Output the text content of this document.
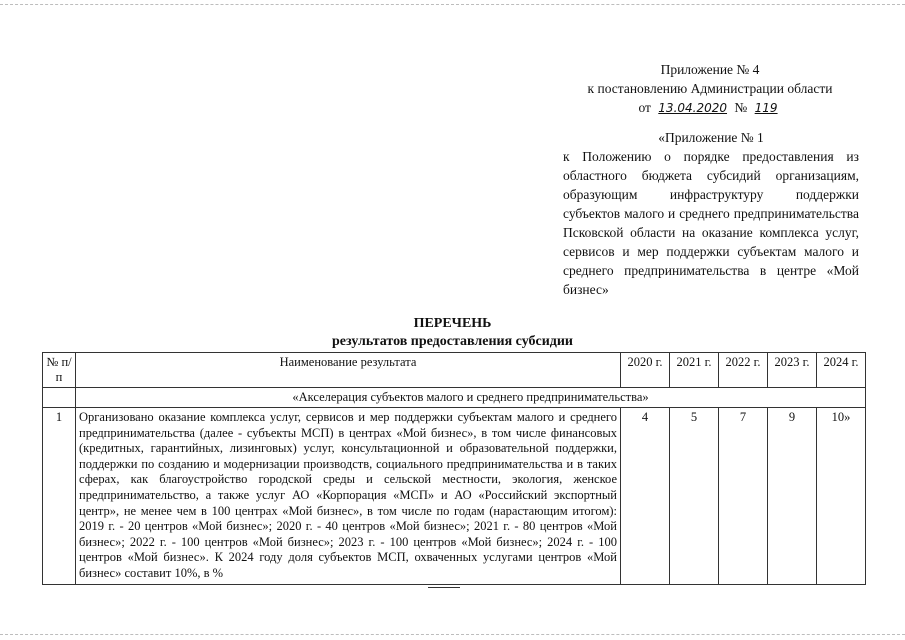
Приложение № 4
к постановлению Администрации области
от 13.04.2020 № 119
«Приложение № 1
к Положению о порядке предоставления из областного бюджета субсидий организациям, образующим инфраструктуру поддержки субъектов малого и среднего предпринимательства Псковской области на оказание комплекса услуг, сервисов и мер поддержки субъектам малого и среднего предпринимательства в центре «Мой бизнес»
ПЕРЕЧЕНЬ
результатов предоставления субсидии
№ п/п	Наименование результата	2020 г.	2021 г.	2022 г.	2023 г.	2024 г.
	«Акселерация субъектов малого и среднего предпринимательства»					
1	Организовано оказание комплекса услуг, сервисов и мер поддержки субъектам малого и среднего предпринимательства (далее - субъекты МСП) в центрах «Мой бизнес», в том числе финансовых (кредитных, гарантийных, лизинговых) услуг, консультационной и образовательной поддержки, поддержки по созданию и модернизации производств, социального предпринимательства и в таких сферах, как благоустройство городской среды и сельской местности, экология, женское предпринимательство, а также услуг АО «Корпорация «МСП» и АО «Российский экспортный центр», не менее чем в 100 центрах «Мой бизнес», в том числе по годам (нарастающим итогом): 2019 г. - 20 центров «Мой бизнес»; 2020 г. - 40 центров «Мой бизнес»; 2021 г. - 80 центров «Мой бизнес»; 2022 г. - 100 центров «Мой бизнес»; 2023 г. - 100 центров «Мой бизнес»; 2024 г. - 100 центров «Мой бизнес». К 2024 году доля субъектов МСП, охваченных услугами центров «Мой бизнес» составит 10%, в %	4	5	7	9	10»
